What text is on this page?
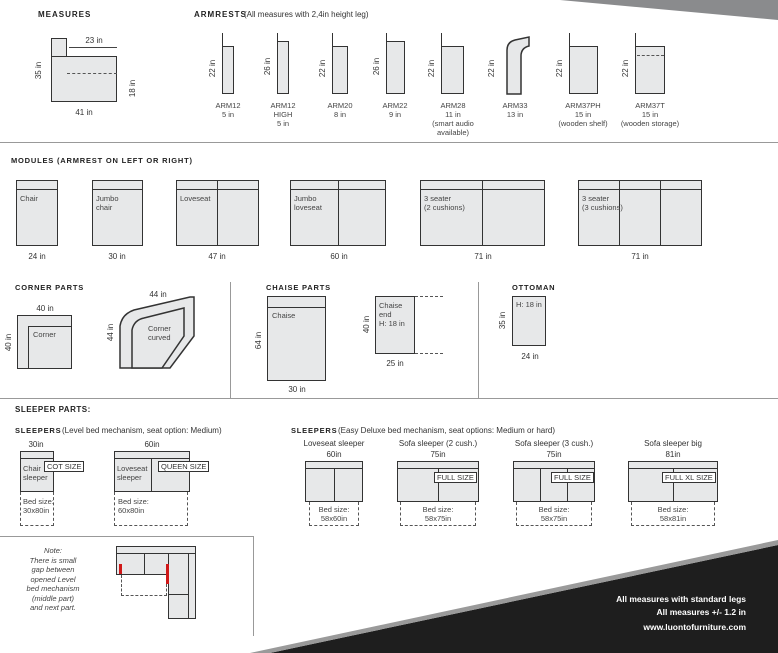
MEASURES
23 in
35 in
18 in
41 in
ARMRESTS
(All measures with 2,4in height leg)
22 in
ARM12
5 in
26 in
ARM12
HIGH
5 in
22 in
ARM20
8 in
26 in
ARM22
9 in
22 in
ARM28
11 in
(smart audio
available)
22 in
ARM33
13 in
22 in
ARM37PH
15 in
(wooden shelf)
22 in
ARM37T
15 in
(wooden storage)
MODULES (ARMREST ON LEFT OR RIGHT)
Chair
24 in
Jumbo
chair
30 in
Loveseat
47 in
Jumbo
loveseat
60 in
3 seater
(2 cushions)
71 in
3 seater
(3 cushions)
71 in
CORNER PARTS
Corner
40 in
40 in
Corner
curved
44 in
44 in
CHAISE PARTS
Chaise
64 in
30 in
Chaise
end
H: 18 in
40 in
25 in
OTTOMAN
H: 18 in
35 in
24 in
SLEEPER PARTS:
SLEEPERS (Level bed mechanism, seat option: Medium)
30in
Chair
sleeper
COT SIZE
Bed size:
30x80in
60in
Loveseat
sleeper
QUEEN SIZE
Bed size:
60x80in
SLEEPERS (Easy Deluxe bed mechanism, seat options: Medium or hard)
Loveseat sleeper
60in
Bed size:
58x60in
Sofa sleeper (2 cush.)
75in
FULL SIZE
Bed size:
58x75in
Sofa sleeper (3 cush.)
75in
FULL SIZE
Bed size:
58x75in
Sofa sleeper big
81in
FULL XL SIZE
Bed size:
58x81in
Note:
There is small
gap between
opened Level
bed mechanism
(middle part)
and next part.
All measures with standard legs
All measures +/- 1.2 in
www.luontofurniture.com
